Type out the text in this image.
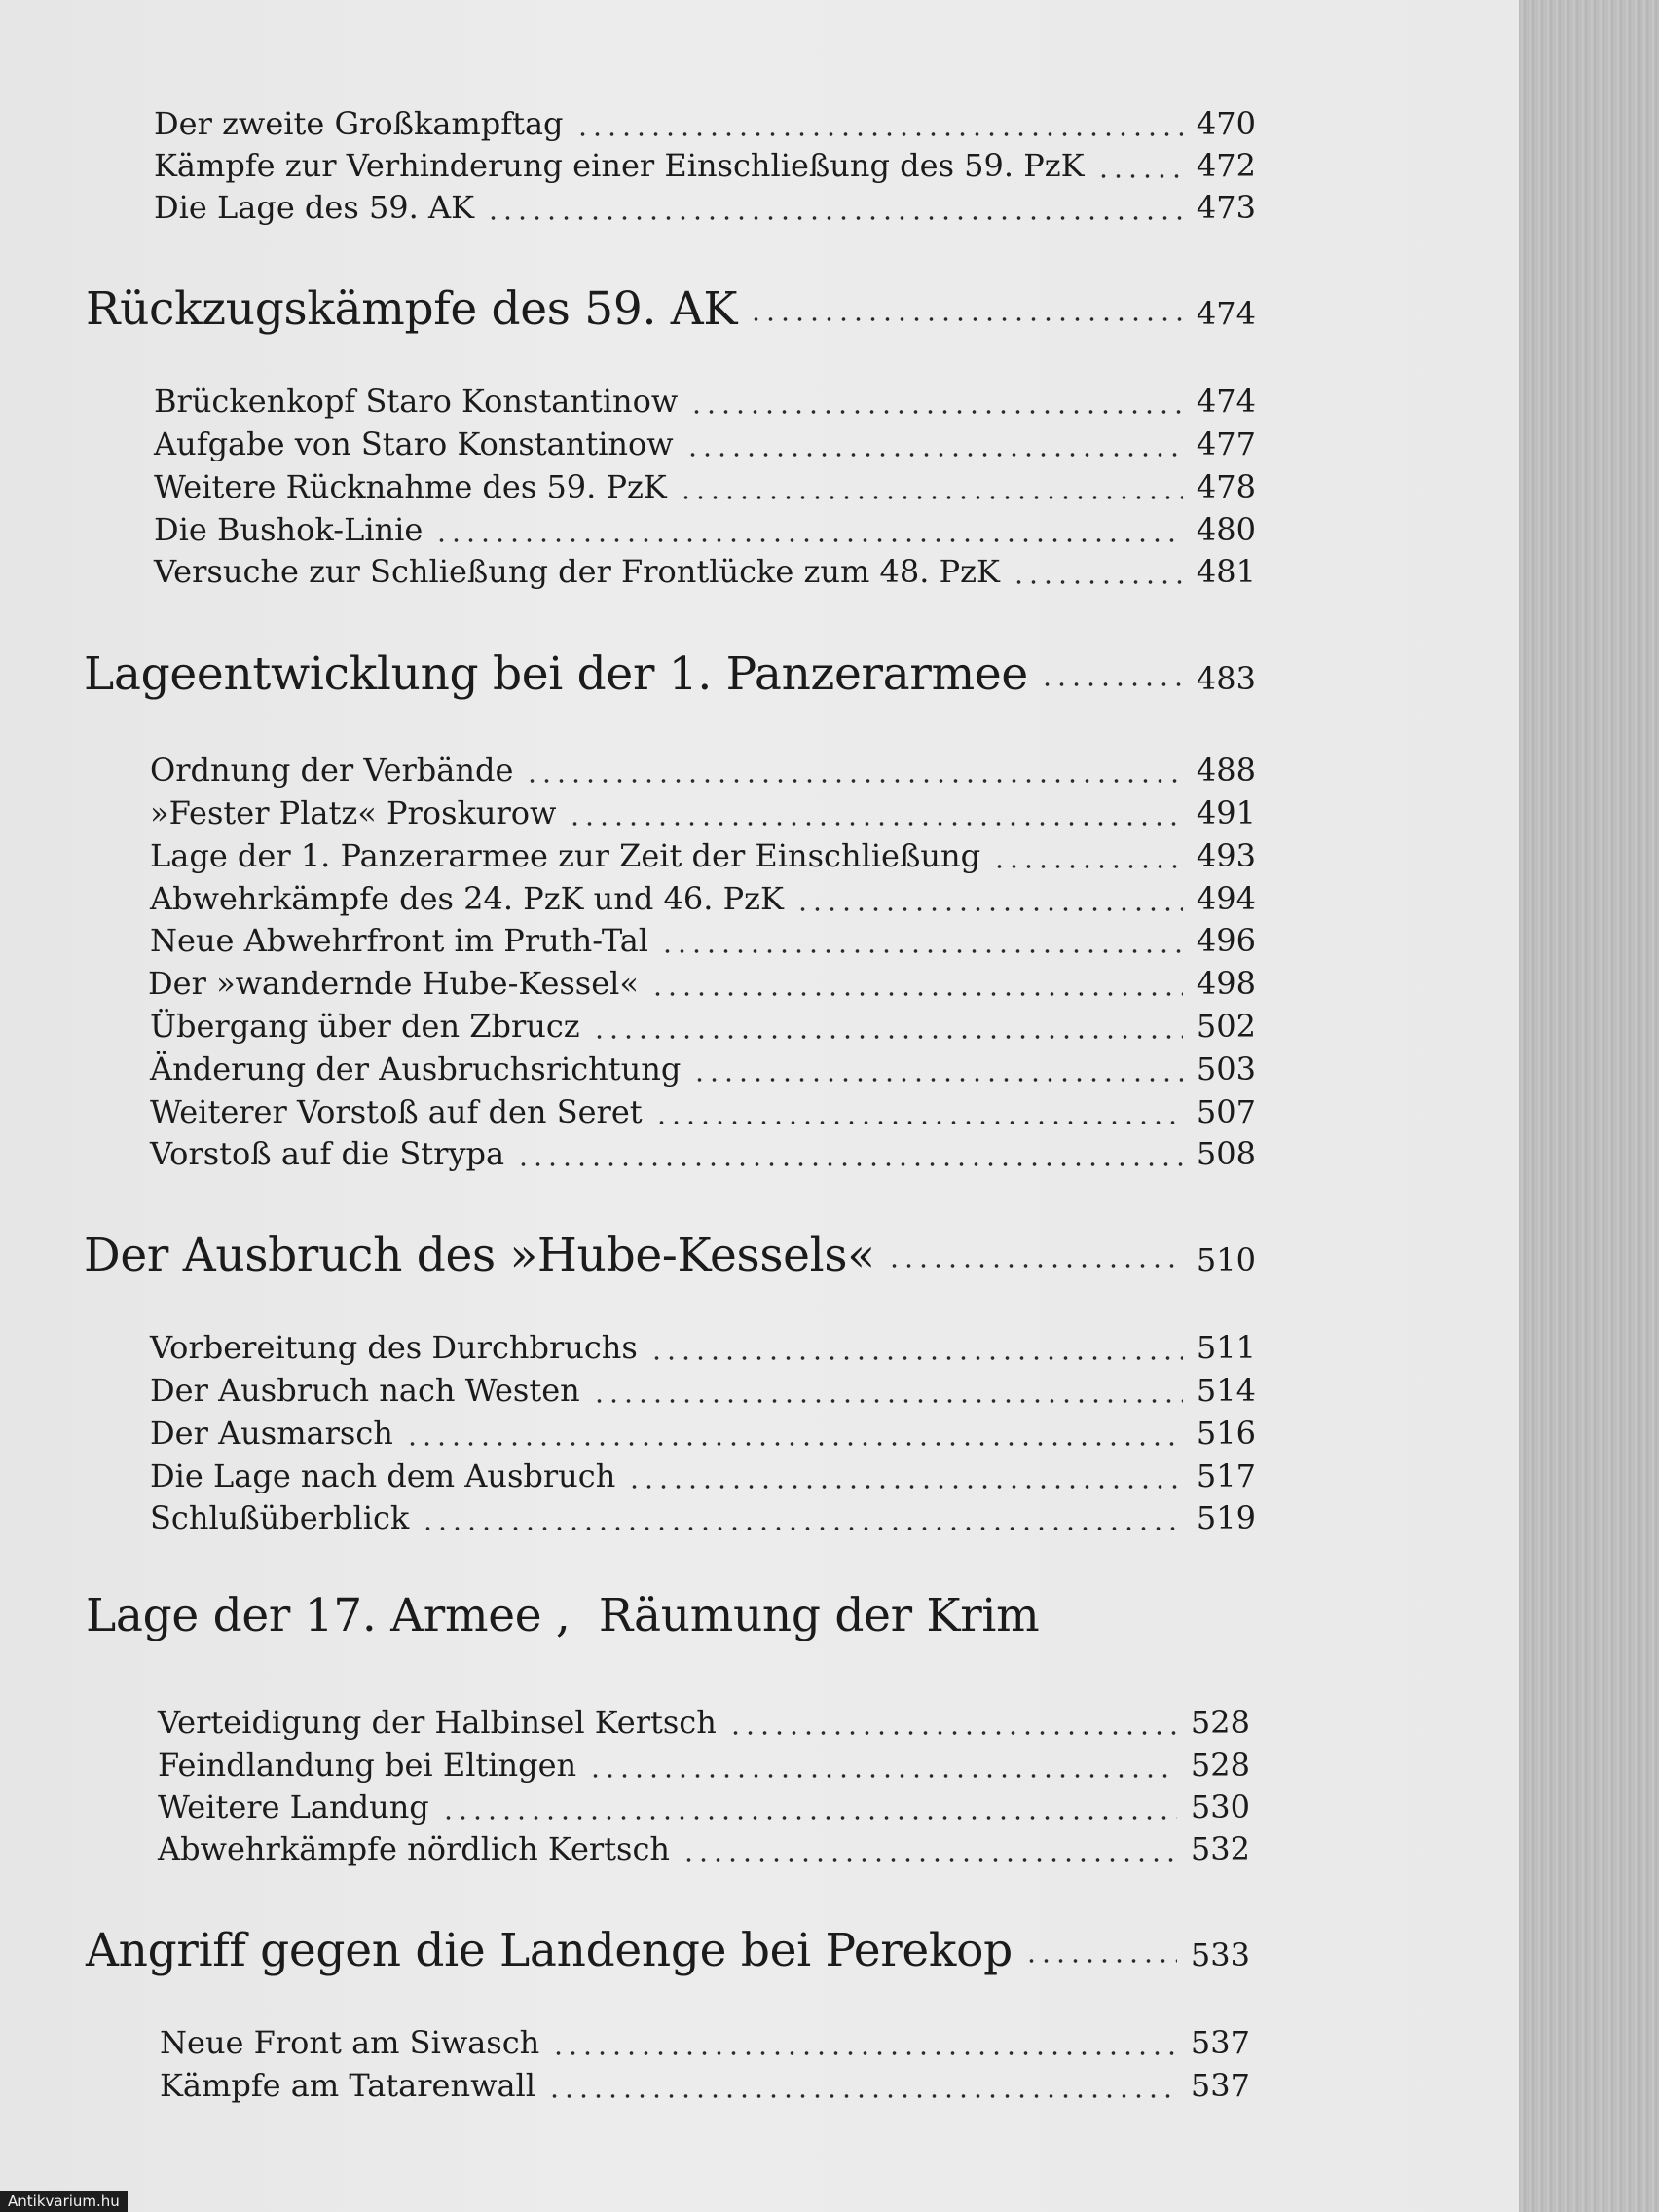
Der zweite Großkampftag	470
Kämpfe zur Verhinderung einer Einschließung des 59. PzK	472
Die Lage des 59. AK	473
Rückzugskämpfe des 59. AK	474
Brückenkopf Staro Konstantinow	474
Aufgabe von Staro Konstantinow	477
Weitere Rücknahme des 59. PzK	478
Die Bushok-Linie	480
Versuche zur Schließung der Frontlücke zum 48. PzK	481
Lageentwicklung bei der 1. Panzerarmee	483
Ordnung der Verbände	488
»Fester Platz« Proskurow	491
Lage der 1. Panzerarmee zur Zeit der Einschließung	493
Abwehrkämpfe des 24. PzK und 46. PzK	494
Neue Abwehrfront im Pruth-Tal	496
Der »wandernde Hube-Kessel«	498
Übergang über den Zbrucz	502
Änderung der Ausbruchsrichtung	503
Weiterer Vorstoß auf den Seret	507
Vorstoß auf die Strypa	508
Der Ausbruch des »Hube-Kessels«	510
Vorbereitung des Durchbruchs	511
Der Ausbruch nach Westen	514
Der Ausmarsch	516
Die Lage nach dem Ausbruch	517
Schlußüberblick	519
Lage der 17. Armee ,  Räumung der Krim
Verteidigung der Halbinsel Kertsch	528
Feindlandung bei Eltingen	528
Weitere Landung	530
Abwehrkämpfe nördlich Kertsch	532
Angriff gegen die Landenge bei Perekop	533
Neue Front am Siwasch	537
Kämpfe am Tatarenwall	537
Antikvarium.hu
